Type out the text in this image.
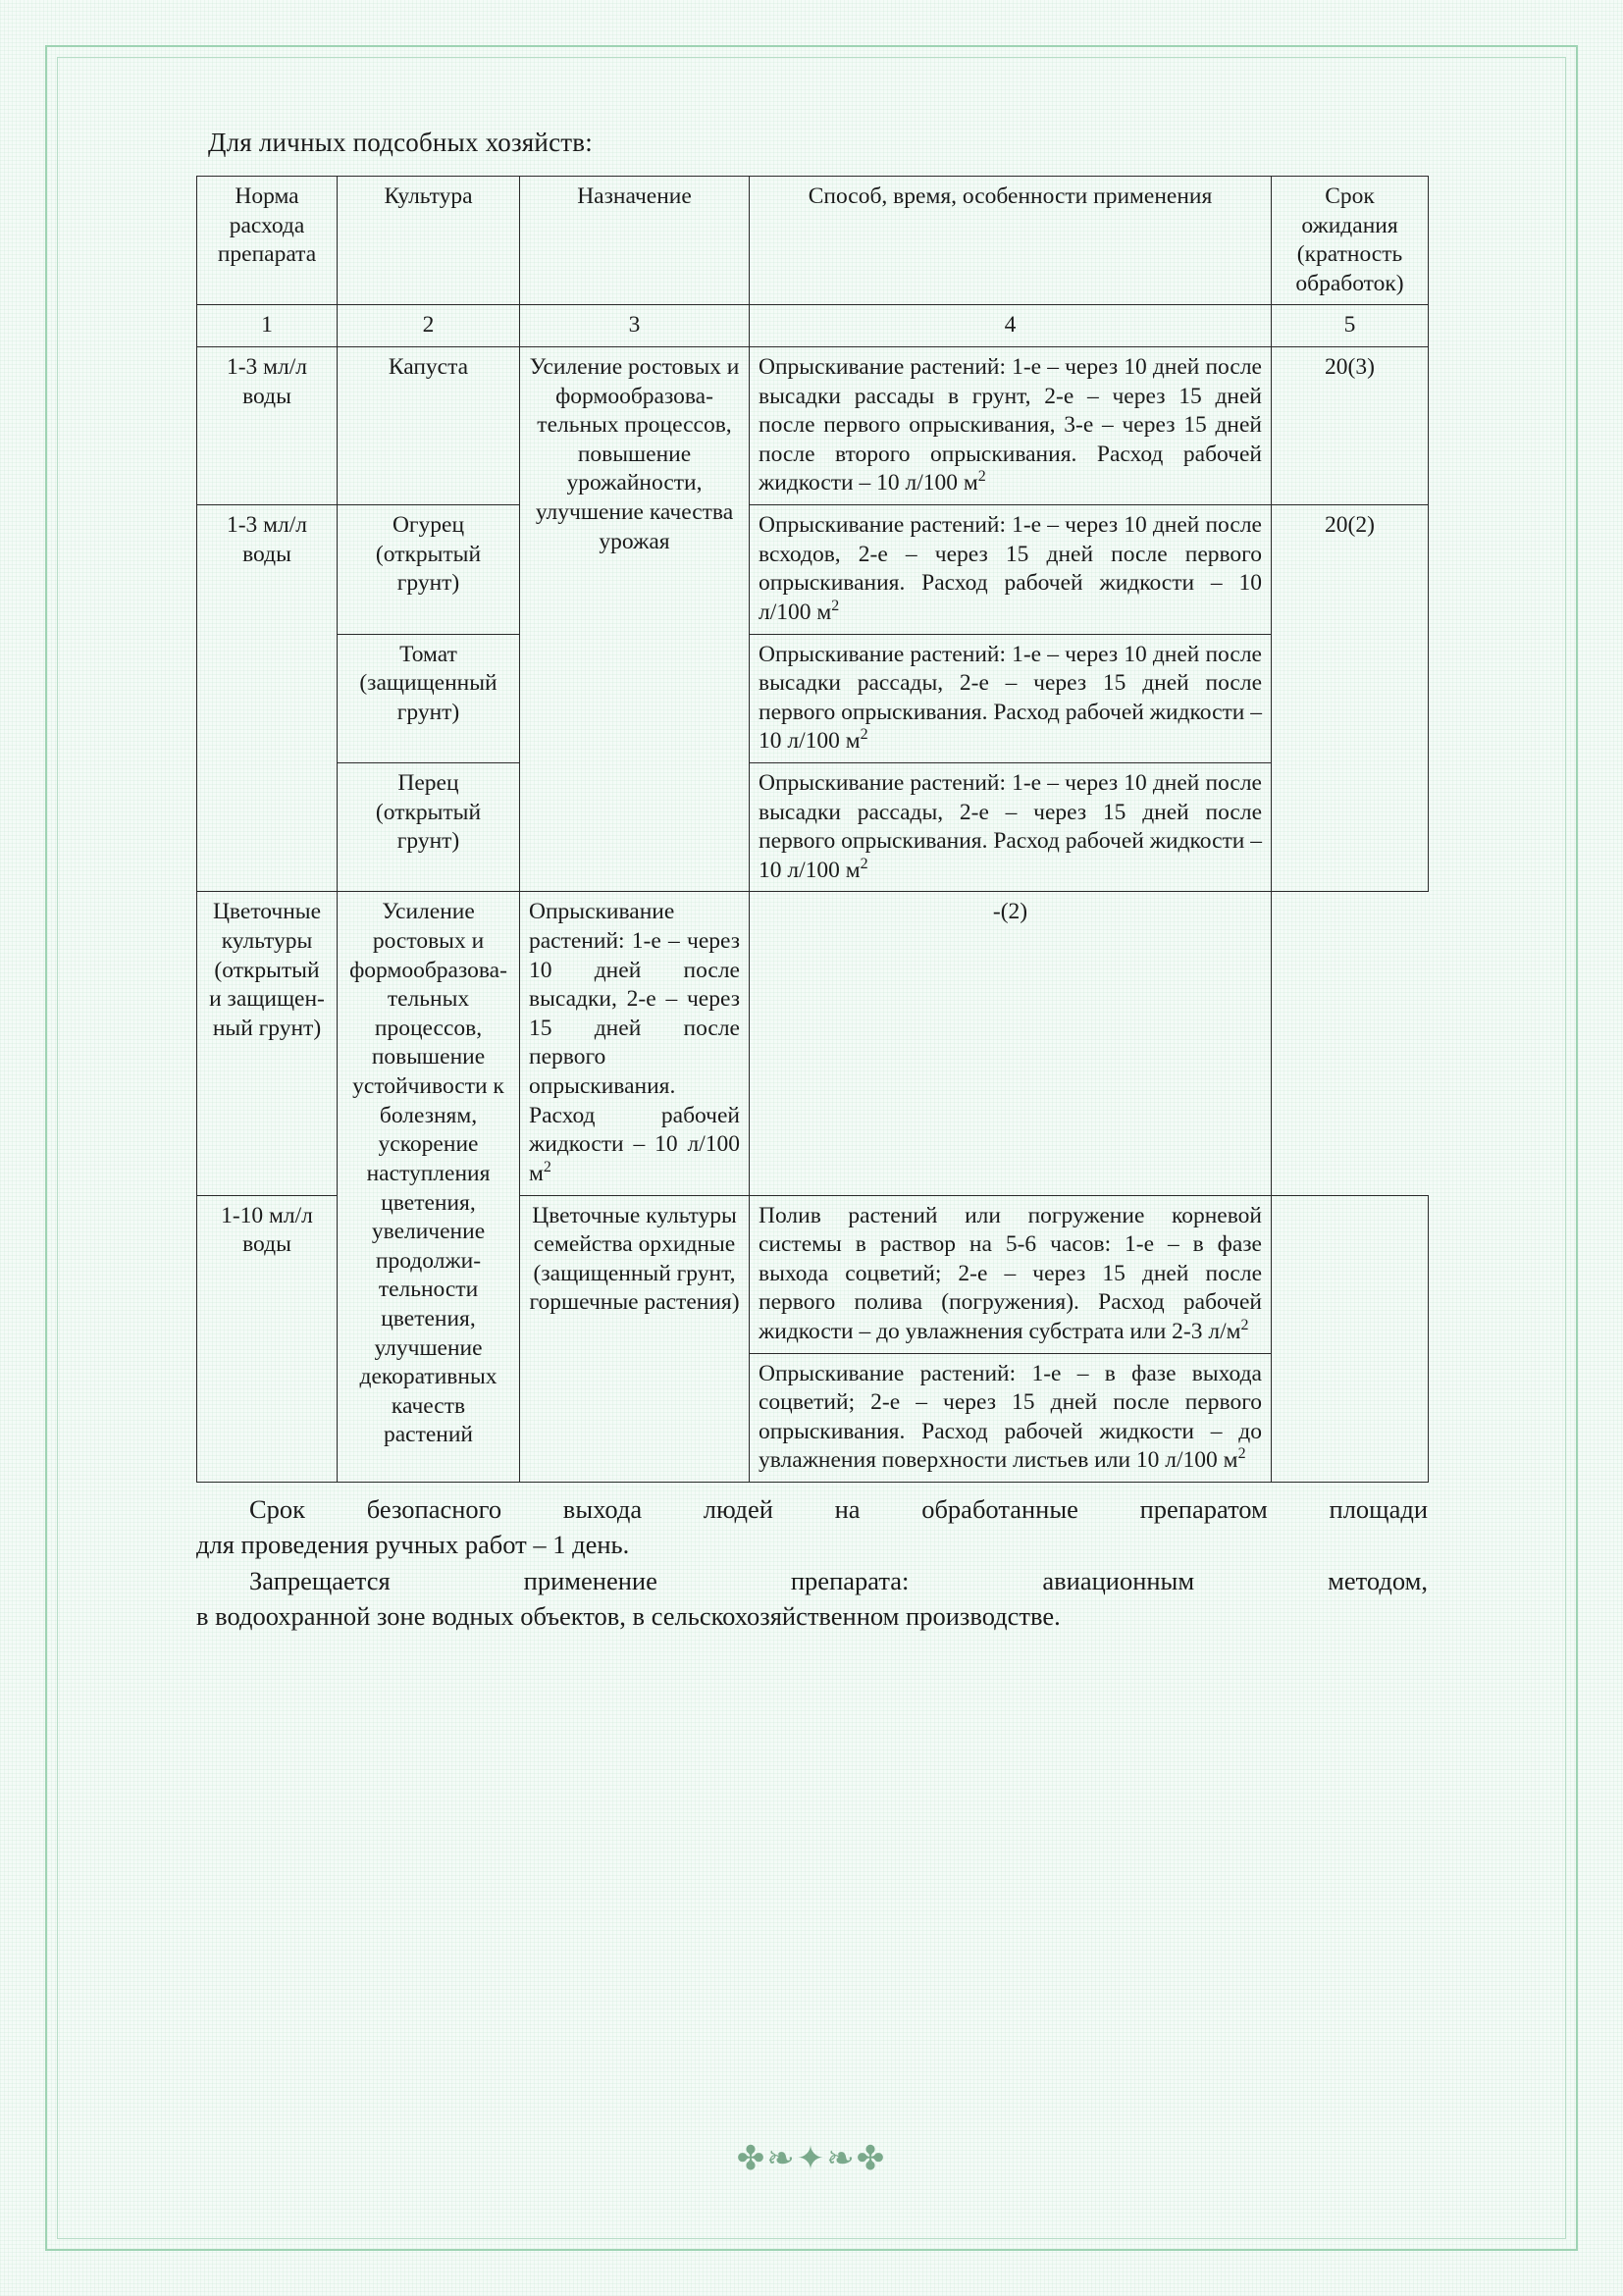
Для личных подсобных хозяйств:
Норма расхода препарата	Культура	Назначение	Способ, время, особенности применения	Срок ожидания (кратность обработок)
1	2	3	4	5
1-3 мл/л воды	Капуста	Усиление ростовых и формообразова-тельных процессов, повышение урожайности, улучшение качества урожая	Опрыскивание растений: 1-е – через 10 дней после высадки рассады в грунт, 2-е – через 15 дней после первого опрыскивания, 3-е – через 15 дней после второго опрыскивания. Расход рабочей жидкости – 10 л/100 $м^2$	20(3)
1-3 мл/л воды	Огурец (открытый грунт)		Опрыскивание растений: 1-е – через 10 дней после всходов, 2-е – через 15 дней после первого опрыскивания. Расход рабочей жидкости – 10 л/100 $м^2$	20(2)
	Томат (защищенный грунт)		Опрыскивание растений: 1-е – через 10 дней после высадки рассады, 2-е – через 15 дней после первого опрыскивания. Расход рабочей жидкости – 10 л/100 $м^2$
	Перец (открытый грунт)		Опрыскивание растений: 1-е – через 10 дней после высадки рассады, 2-е – через 15 дней после первого опрыскивания. Расход рабочей жидкости – 10 л/100 $м^2$
Цветочные культуры (открытый и защищен-ный грунт)	Усиление ростовых и формообразова-тельных процессов, повышение устойчивости к болезням, ускорение наступления цветения, увеличение продолжи-тельности цветения, улучшение декоративных качеств растений	Опрыскивание растений: 1-е – через 10 дней после высадки, 2-е – через 15 дней после первого опрыскивания. Расход рабочей жидкости – 10 л/100 $м^2$	-(2)	
1-10 мл/л воды		Цветочные культуры семейства орхидные (защищенный грунт, горшечные растения)	Полив растений или погружение корневой системы в раствор на 5-6 часов: 1-е – в фазе выхода соцветий; 2-е – через 15 дней после первого полива (погружения). Расход рабочей жидкости – до увлажнения субстрата или 2-3 $л/м^2$	
			Опрыскивание растений: 1-е – в фазе выхода соцветий; 2-е – через 15 дней после первого опрыскивания. Расход рабочей жидкости – до увлажнения поверхности листьев или 10 л/100 $м^2$

Срок безопасного выхода людей на обработанные препаратом площади

для проведения ручных работ – 1 день.

Запрещается применение препарата: авиационным методом,

в водоохранной зоне водных объектов, в сельскохозяйственном производстве.

✤❧✦❧✤
